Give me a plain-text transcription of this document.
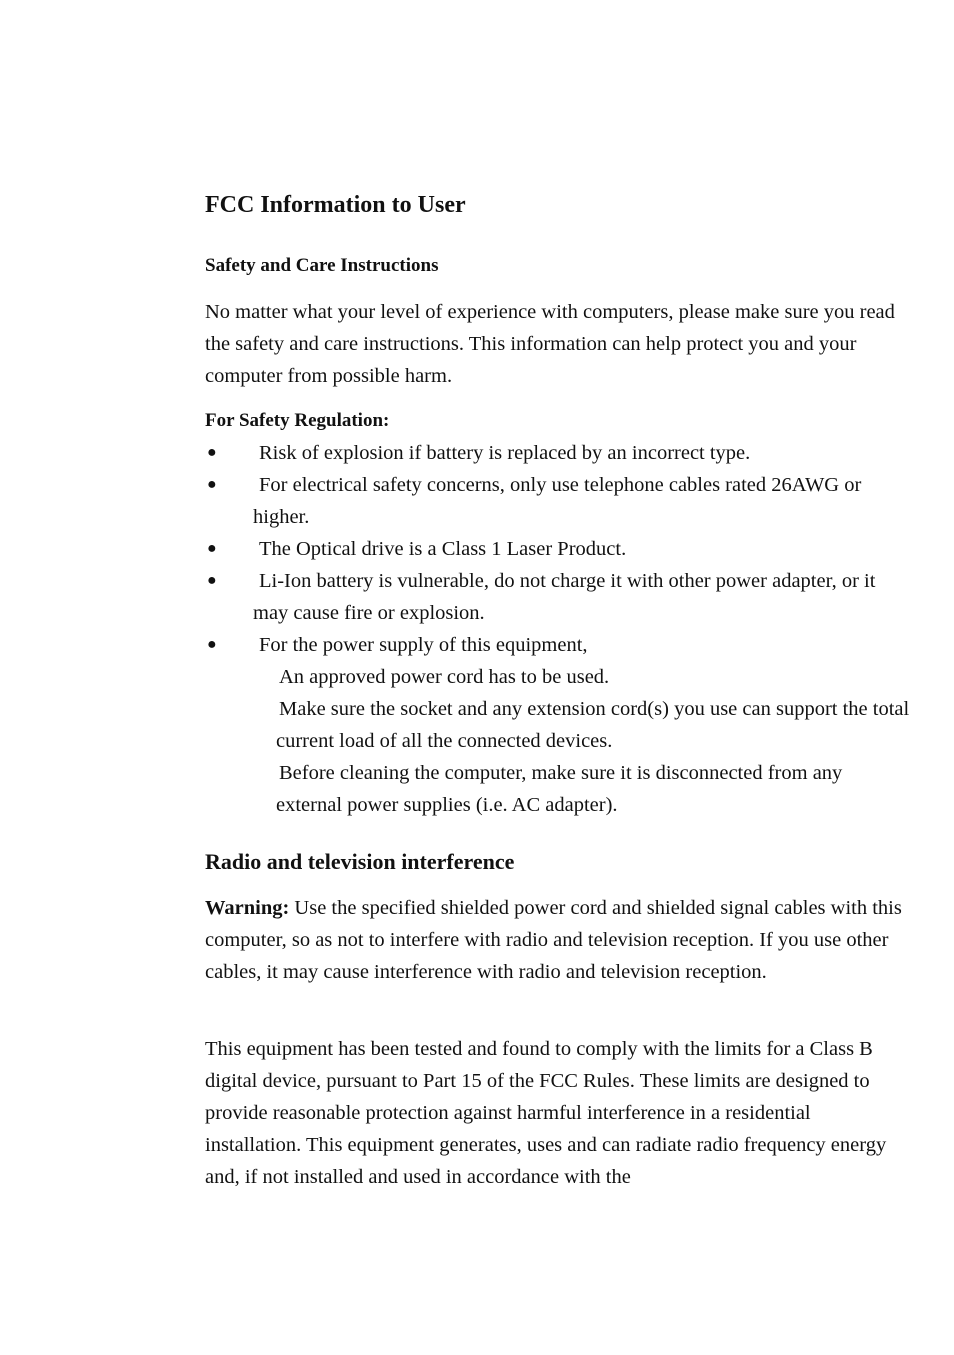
FCC Information to User
Safety and Care Instructions

No matter what your level of experience with computers, please make sure you read the safety and care instructions. This information can help protect you and your computer from possible harm.

For Safety Regulation:
● Risk of explosion if battery is replaced by an incorrect type.
● For electrical safety concerns, only use telephone cables rated 26AWG or higher.
● The Optical drive is a Class 1 Laser Product.
● Li-Ion battery is vulnerable, do not charge it with other power adapter, or it may cause fire or explosion.
● For the power supply of this equipment,
An approved power cord has to be used.
Make sure the socket and any extension cord(s) you use can support the total current load of all the connected devices.
Before cleaning the computer, make sure it is disconnected from any external power supplies (i.e. AC adapter).
Radio and television interference

Warning: Use the specified shielded power cord and shielded signal cables with this computer, so as not to interfere with radio and television reception. If you use other cables, it may cause interference with radio and television reception.

This equipment has been tested and found to comply with the limits for a Class B digital device, pursuant to Part 15 of the FCC Rules. These limits are designed to provide reasonable protection against harmful interference in a residential installation. This equipment generates, uses and can radiate radio frequency energy and, if not installed and used in accordance with the
